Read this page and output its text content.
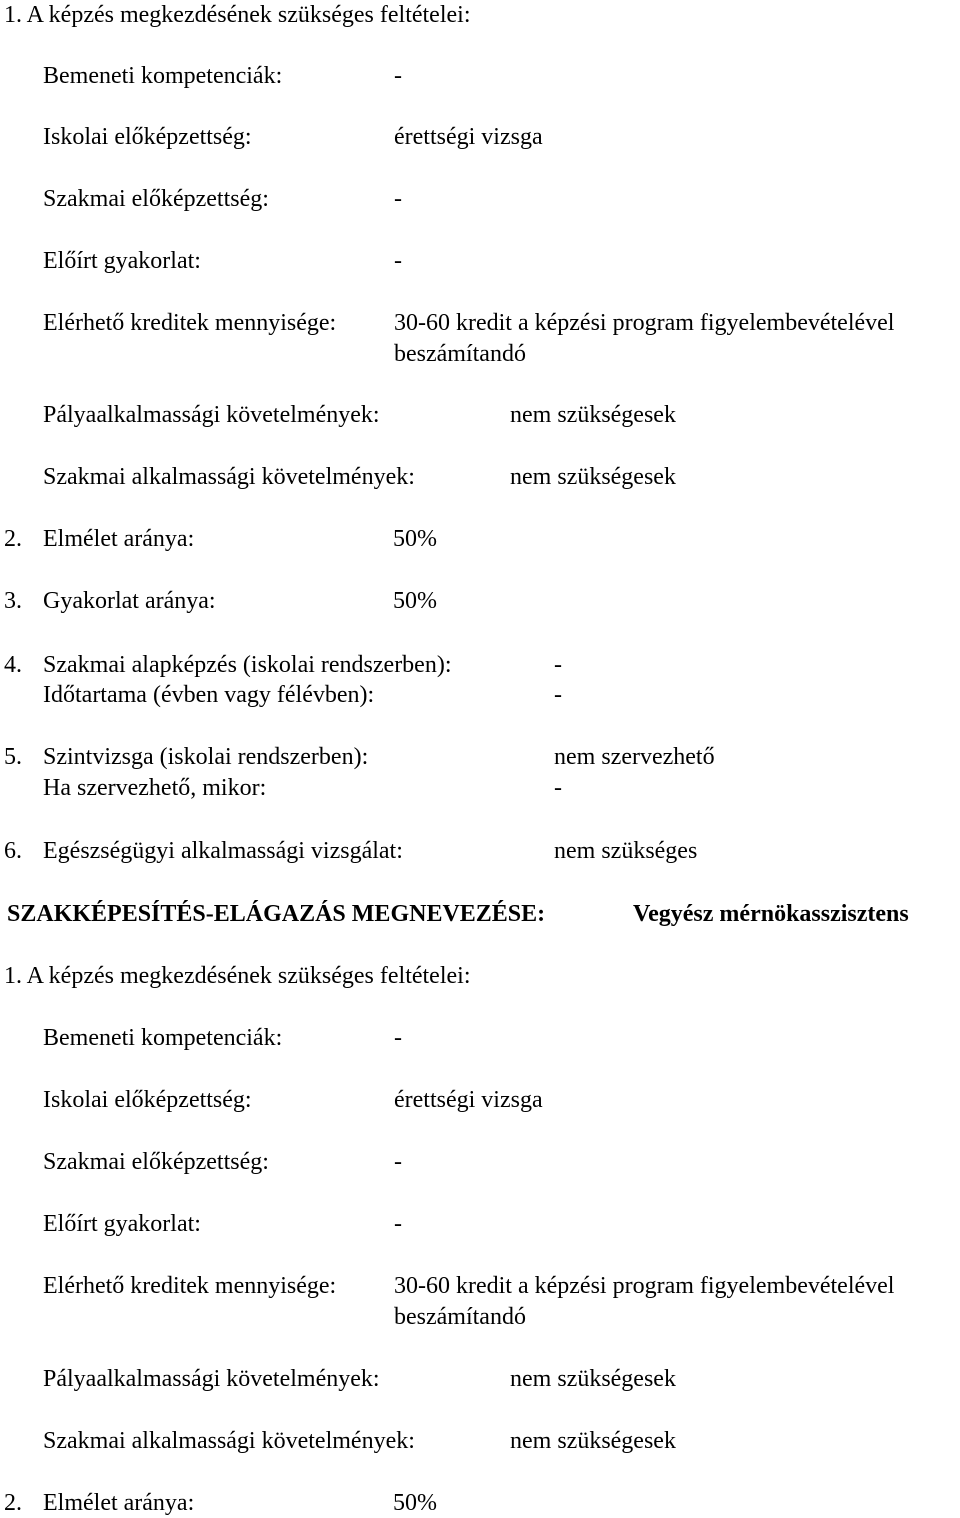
1. A képzés megkezdésének szükséges feltételei:
Bemeneti kompetenciák:	-
Iskolai előképzettség:	érettségi vizsga
Szakmai előképzettség:	-
Előírt gyakorlat:	-
Elérhető kreditek mennyisége: 30-60 kredit a képzési program figyelembevételével
beszámítandó
Pályaalkalmassági követelmények:	nem szükségesek
Szakmai alkalmassági követelmények:	nem szükségesek
2. Elmélet aránya:	50%
3. Gyakorlat aránya:	50%
4. Szakmai alapképzés (iskolai rendszerben):	-
Időtartama (évben vagy félévben):	-
5. Szintvizsga (iskolai rendszerben):	nem szervezhető
Ha szervezhető, mikor:	-
6. Egészségügyi alkalmassági vizsgálat:	nem szükséges
SZAKKÉPESÍTÉS-ELÁGAZÁS MEGNEVEZÉSE:	Vegyész mérnökasszisztens
1. A képzés megkezdésének szükséges feltételei:
Bemeneti kompetenciák:	-
Iskolai előképzettség:	érettségi vizsga
Szakmai előképzettség:	-
Előírt gyakorlat:	-
Elérhető kreditek mennyisége: 30-60 kredit a képzési program figyelembevételével
beszámítandó
Pályaalkalmassági követelmények:	nem szükségesek
Szakmai alkalmassági követelmények:	nem szükségesek
2. Elmélet aránya:	50%
